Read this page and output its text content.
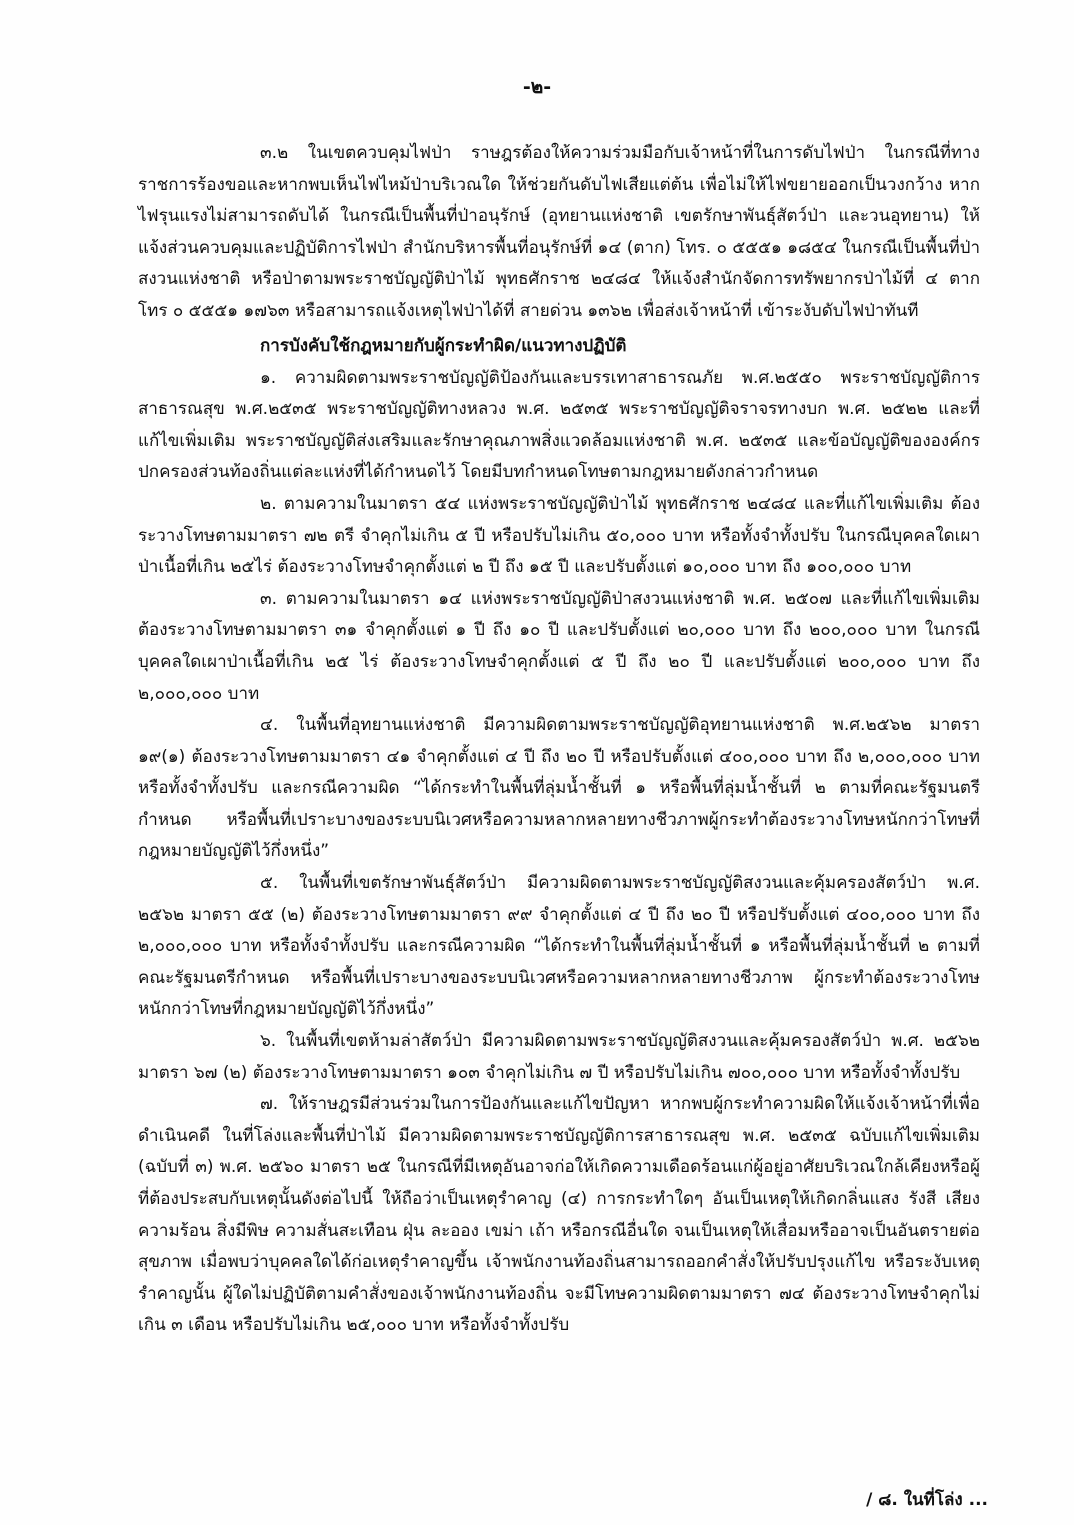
-๒-

๓.๒ ในเขตควบคุมไฟป่า ราษฎรต้องให้ความร่วมมือกับเจ้าหน้าที่ในการดับไฟป่า ในกรณีที่ทางราชการร้องขอและหากพบเห็นไฟไหม้ป่าบริเวณใด ให้ช่วยกันดับไฟเสียแต่ต้น เพื่อไม่ให้ไฟขยายออกเป็นวงกว้าง หากไฟรุนแรงไม่สามารถดับได้ ในกรณีเป็นพื้นที่ป่าอนุรักษ์ (อุทยานแห่งชาติ เขตรักษาพันธุ์สัตว์ป่า และวนอุทยาน) ให้แจ้งส่วนควบคุมและปฏิบัติการไฟป่า สำนักบริหารพื้นที่อนุรักษ์ที่ ๑๔ (ตาก) โทร. ๐ ๕๕๕๑ ๑๘๕๔ ในกรณีเป็นพื้นที่ป่าสงวนแห่งชาติ หรือป่าตามพระราชบัญญัติป่าไม้ พุทธศักราช ๒๔๘๔ ให้แจ้งสำนักจัดการทรัพยากรป่าไม้ที่ ๔ ตาก โทร ๐ ๕๕๕๑ ๑๗๖๓ หรือสามารถแจ้งเหตุไฟป่าได้ที่ สายด่วน ๑๓๖๒ เพื่อส่งเจ้าหน้าที่ เข้าระงับดับไฟป่าทันที

การบังคับใช้กฎหมายกับผู้กระทำผิด/แนวทางปฏิบัติ

๑. ความผิดตามพระราชบัญญัติป้องกันและบรรเทาสาธารณภัย พ.ศ.๒๕๕๐ พระราชบัญญัติการสาธารณสุข พ.ศ.๒๕๓๕ พระราชบัญญัติทางหลวง พ.ศ. ๒๕๓๕ พระราชบัญญัติจราจรทางบก พ.ศ. ๒๕๒๒ และที่แก้ไขเพิ่มเติม พระราชบัญญัติส่งเสริมและรักษาคุณภาพสิ่งแวดล้อมแห่งชาติ พ.ศ. ๒๕๓๕ และข้อบัญญัติขององค์กรปกครองส่วนท้องถิ่นแต่ละแห่งที่ได้กำหนดไว้ โดยมีบทกำหนดโทษตามกฎหมายดังกล่าวกำหนด

๒. ตามความในมาตรา ๕๔ แห่งพระราชบัญญัติป่าไม้ พุทธศักราช ๒๔๘๔ และที่แก้ไขเพิ่มเติม ต้องระวางโทษตามมาตรา ๗๒ ตรี จำคุกไม่เกิน ๕ ปี หรือปรับไม่เกิน ๕๐,๐๐๐ บาท หรือทั้งจำทั้งปรับ ในกรณีบุคคลใดเผาป่าเนื้อที่เกิน ๒๕ไร่ ต้องระวางโทษจำคุกตั้งแต่ ๒ ปี ถึง ๑๕ ปี และปรับตั้งแต่ ๑๐,๐๐๐ บาท ถึง ๑๐๐,๐๐๐ บาท

๓. ตามความในมาตรา ๑๔ แห่งพระราชบัญญัติป่าสงวนแห่งชาติ พ.ศ. ๒๕๐๗ และที่แก้ไขเพิ่มเติม ต้องระวางโทษตามมาตรา ๓๑ จำคุกตั้งแต่ ๑ ปี ถึง ๑๐ ปี และปรับตั้งแต่ ๒๐,๐๐๐ บาท ถึง ๒๐๐,๐๐๐ บาท ในกรณีบุคคลใดเผาป่าเนื้อที่เกิน ๒๕ ไร่ ต้องระวางโทษจำคุกตั้งแต่ ๕ ปี ถึง ๒๐ ปี และปรับตั้งแต่ ๒๐๐,๐๐๐ บาท ถึง ๒,๐๐๐,๐๐๐ บาท

๔. ในพื้นที่อุทยานแห่งชาติ มีความผิดตามพระราชบัญญัติอุทยานแห่งชาติ พ.ศ.๒๕๖๒ มาตรา ๑๙(๑) ต้องระวางโทษตามมาตรา ๔๑ จำคุกตั้งแต่ ๔ ปี ถึง ๒๐ ปี หรือปรับตั้งแต่ ๔๐๐,๐๐๐ บาท ถึง ๒,๐๐๐,๐๐๐ บาท หรือทั้งจำทั้งปรับ และกรณีความผิด “ได้กระทำในพื้นที่ลุ่มน้ำชั้นที่ ๑ หรือพื้นที่ลุ่มน้ำชั้นที่ ๒ ตามที่คณะรัฐมนตรีกำหนด หรือพื้นที่เปราะบางของระบบนิเวศหรือความหลากหลายทางชีวภาพผู้กระทำต้องระวางโทษหนักกว่าโทษที่กฎหมายบัญญัติไว้กึ่งหนึ่ง”

๕. ในพื้นที่เขตรักษาพันธุ์สัตว์ป่า มีความผิดตามพระราชบัญญัติสงวนและคุ้มครองสัตว์ป่า พ.ศ. ๒๕๖๒ มาตรา ๕๕ (๒) ต้องระวางโทษตามมาตรา ๙๙ จำคุกตั้งแต่ ๔ ปี ถึง ๒๐ ปี หรือปรับตั้งแต่ ๔๐๐,๐๐๐ บาท ถึง ๒,๐๐๐,๐๐๐ บาท หรือทั้งจำทั้งปรับ และกรณีความผิด “ได้กระทำในพื้นที่ลุ่มน้ำชั้นที่ ๑ หรือพื้นที่ลุ่มน้ำชั้นที่ ๒ ตามที่คณะรัฐมนตรีกำหนด หรือพื้นที่เปราะบางของระบบนิเวศหรือความหลากหลายทางชีวภาพ ผู้กระทำต้องระวางโทษหนักกว่าโทษที่กฎหมายบัญญัติไว้กึ่งหนึ่ง”

๖. ในพื้นที่เขตห้ามล่าสัตว์ป่า มีความผิดตามพระราชบัญญัติสงวนและคุ้มครองสัตว์ป่า พ.ศ. ๒๕๖๒ มาตรา ๖๗ (๒) ต้องระวางโทษตามมาตรา ๑๐๓ จำคุกไม่เกิน ๗ ปี หรือปรับไม่เกิน ๗๐๐,๐๐๐ บาท หรือทั้งจำทั้งปรับ

๗. ให้ราษฎรมีส่วนร่วมในการป้องกันและแก้ไขปัญหา หากพบผู้กระทำความผิดให้แจ้งเจ้าหน้าที่เพื่อดำเนินคดี ในที่โล่งและพื้นที่ป่าไม้ มีความผิดตามพระราชบัญญัติการสาธารณสุข พ.ศ. ๒๕๓๕ ฉบับแก้ไขเพิ่มเติม (ฉบับที่ ๓) พ.ศ. ๒๕๖๐ มาตรา ๒๕ ในกรณีที่มีเหตุอันอาจก่อให้เกิดความเดือดร้อนแก่ผู้อยู่อาศัยบริเวณใกล้เคียงหรือผู้ที่ต้องประสบกับเหตุนั้นดังต่อไปนี้ ให้ถือว่าเป็นเหตุรำคาญ (๔) การกระทำใดๆ อันเป็นเหตุให้เกิดกลิ่นแสง รังสี เสียง ความร้อน สิ่งมีพิษ ความสั่นสะเทือน ฝุ่น ละออง เขม่า เถ้า หรือกรณีอื่นใด จนเป็นเหตุให้เสื่อมหรืออาจเป็นอันตรายต่อสุขภาพ เมื่อพบว่าบุคคลใดได้ก่อเหตุรำคาญขึ้น เจ้าพนักงานท้องถิ่นสามารถออกคำสั่งให้ปรับปรุงแก้ไข หรือระงับเหตุรำคาญนั้น ผู้ใดไม่ปฏิบัติตามคำสั่งของเจ้าพนักงานท้องถิ่น จะมีโทษความผิดตามมาตรา ๗๔ ต้องระวางโทษจำคุกไม่เกิน ๓ เดือน หรือปรับไม่เกิน ๒๕,๐๐๐ บาท หรือทั้งจำทั้งปรับ

/ ๘. ในที่โล่ง ...
